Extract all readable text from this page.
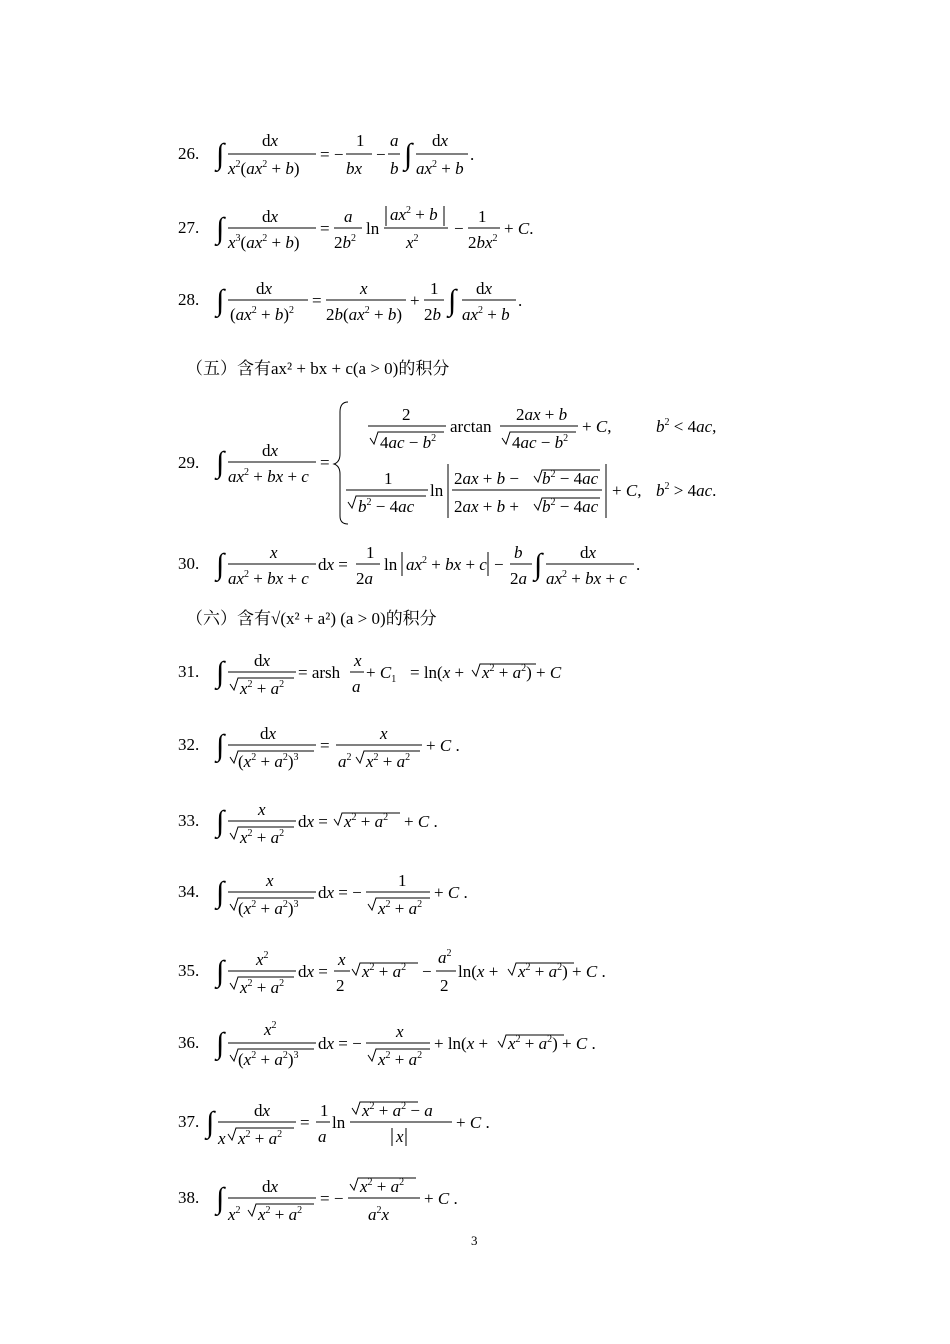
26. ∫ dx
$x^2(ax^2 + b)$
= −
1
bx
−
a
b ∫ dx
$ax^2 + b$
.
27. ∫ dx
$x^3(ax^2 + b)$
=
a
$2b^2$
ln
$ax^2 + b$
$x^2$
−
1
$2bx^2$
+ C.
28. ∫ dx
$(ax^2 + b)^2$
=
x
$2b(ax^2 + b)$
+
1
2b ∫ dx
$ax^2 + b$
.
（五）含有ax² + bx + c(a > 0)的积分
29. ∫ dx
$ax^2$ + bx + c
=
2
$4ac - b^2$
arctan
2ax + b
$4ac - b^2$
+ C,	$b^2 < 4ac$,
1
$b^2 - 4ac$
ln
$2ax + b - b^2 - 4ac$
$2ax + b + b^2 - 4ac$
+ C, $b^2 > 4ac$.
30. ∫	x
$ax^2$ + bx + c
dx =
1
2a
$\ln ax^2$ + bx + c −
b
2a ∫ dx
$ax^2$ + bx + c
.
（六）含有√(x² + a²) (a > 0)的积分
31. ∫ dx
$x^2 + a^2$
= arsh
x
a
+ $C_1 = \ln(x + x^2 + a^2) + C$
32. ∫ dx
$(x^2 + a^2)^3$
=
x
$a^2$ $x^2 + a^2$
+ C .
33. ∫ x
$x^2 + a^2$
dx = $x^2 + a^2 + C$ .
34. ∫ x
$(x^2 + a^2)^3$
dx = −
1
$x^2 + a^2$
+ C .
35. ∫ $x^2$
$x^2 + a^2$
dx =
x
2
$x^2 + a^2$ −
$a^2$
2
$\ln(x + x^2 + a^2) + C$ .
36. ∫ $x^2$
$(x^2 + a^2)^3$
dx = −
x
$x^2 + a^2$
+ $\ln(x + x^2 + a^2) + C$ .
37. ∫ dx
x $x^2 + a^2$
=
1
a
ln
$x^2 + a^2 - a$
x
+ C .
38. ∫ dx
$x^2$ $x^2 + a^2$
= −
$x^2 + a^2$
$a^2x$
+ C .
3
